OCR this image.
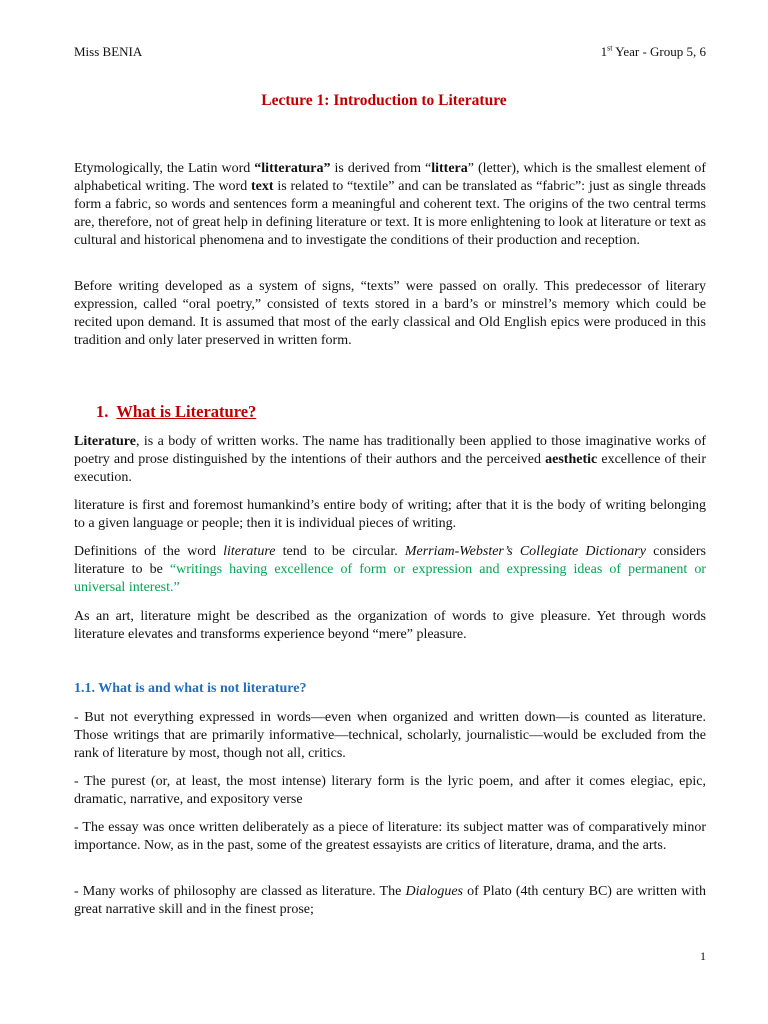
Miss BENIA	1st Year - Group 5, 6
Lecture 1: Introduction to Literature

Etymologically, the Latin word “litteratura” is derived from “littera” (letter), which is the smallest element of alphabetical writing. The word text is related to “textile” and can be translated as “fabric”: just as single threads form a fabric, so words and sentences form a meaningful and coherent text. The origins of the two central terms are, therefore, not of great help in defining literature or text. It is more enlightening to look at literature or text as cultural and historical phenomena and to investigate the conditions of their production and reception.

Before writing developed as a system of signs, “texts” were passed on orally. This predecessor of literary expression, called “oral poetry,” consisted of texts stored in a bard’s or minstrel’s memory which could be recited upon demand. It is assumed that most of the early classical and Old English epics were produced in this tradition and only later preserved in written form.

1. What is Literature?

Literature, is a body of written works. The name has traditionally been applied to those imaginative works of poetry and prose distinguished by the intentions of their authors and the perceived aesthetic excellence of their execution.

literature is first and foremost humankind’s entire body of writing; after that it is the body of writing belonging to a given language or people; then it is individual pieces of writing.

Definitions of the word literature tend to be circular. Merriam-Webster’s Collegiate Dictionary considers literature to be “writings having excellence of form or expression and expressing ideas of permanent or universal interest.”

As an art, literature might be described as the organization of words to give pleasure. Yet through words literature elevates and transforms experience beyond “mere” pleasure.

1.1. What is and what is not literature?

- But not everything expressed in words—even when organized and written down—is counted as literature. Those writings that are primarily informative—technical, scholarly, journalistic—would be excluded from the rank of literature by most, though not all, critics.

- The purest (or, at least, the most intense) literary form is the lyric poem, and after it comes elegiac, epic, dramatic, narrative, and expository verse

- The essay was once written deliberately as a piece of literature: its subject matter was of comparatively minor importance. Now, as in the past, some of the greatest essayists are critics of literature, drama, and the arts.

- Many works of philosophy are classed as literature. The Dialogues of Plato (4th century BC) are written with great narrative skill and in the finest prose;

1
